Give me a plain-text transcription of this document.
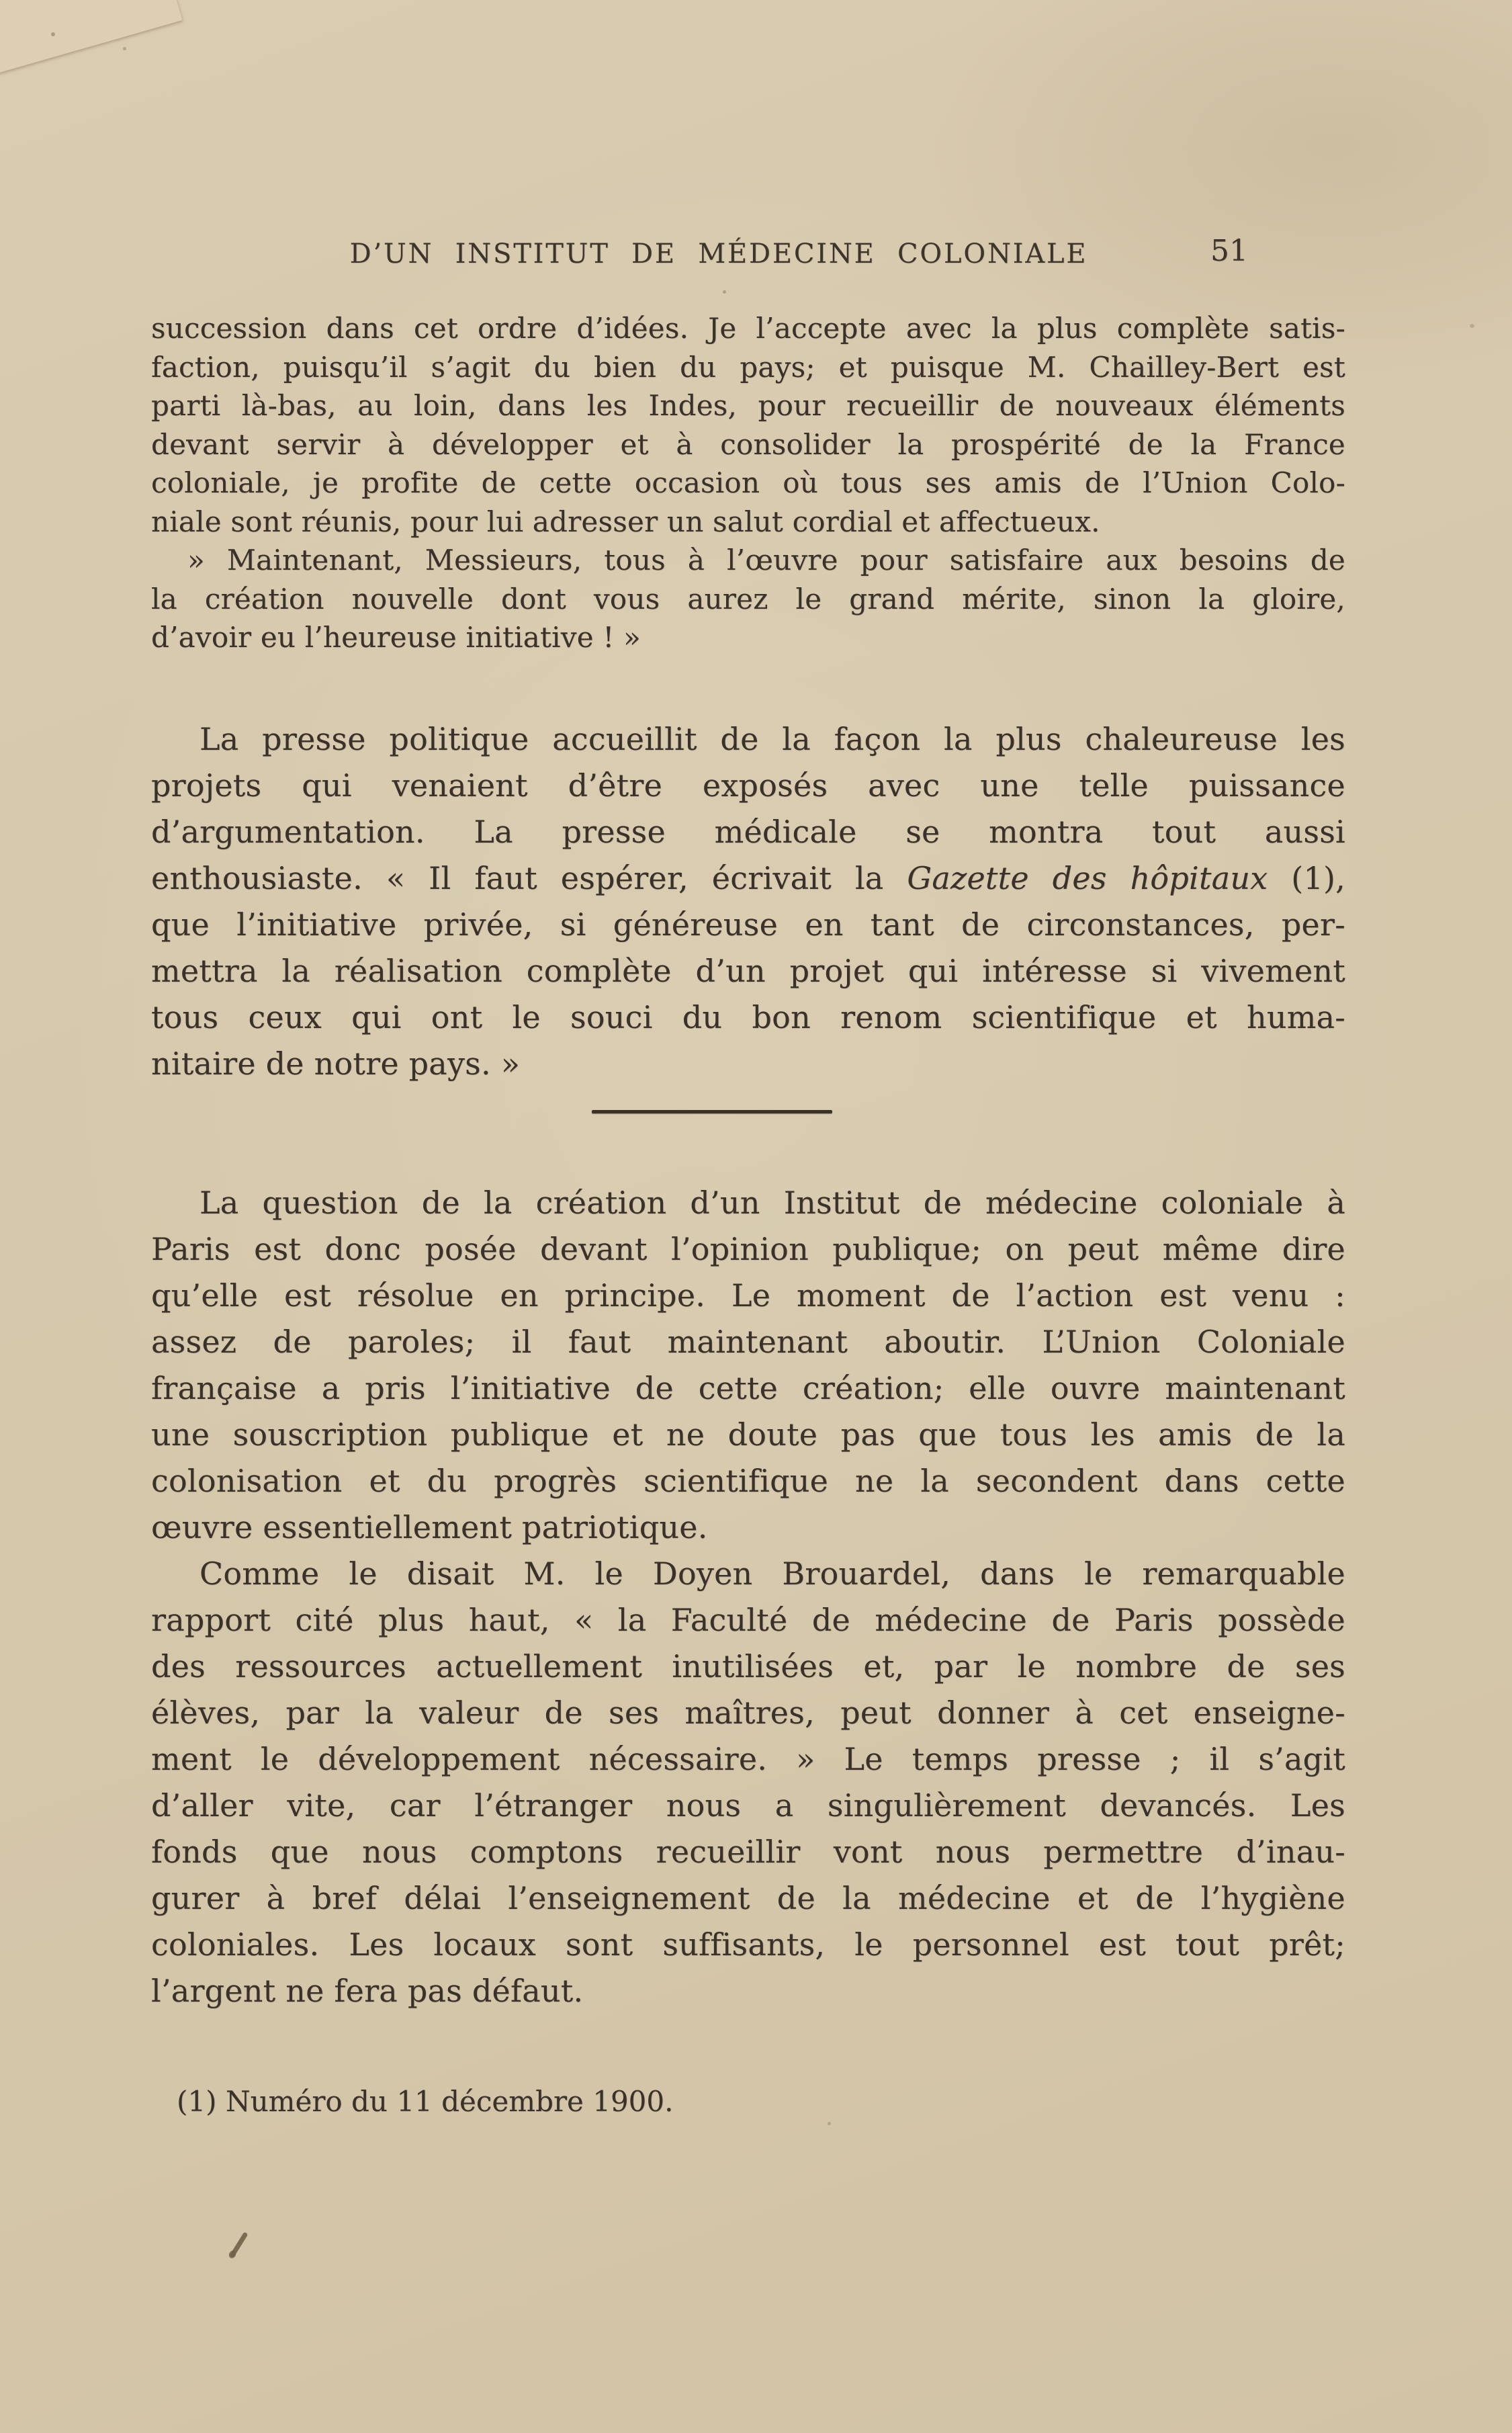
D’UN INSTITUT DE MÉDECINE COLONIALE	51
succession dans cet ordre d’idées. Je l’accepte avec la plus complète satis-
faction, puisqu’il s’agit du bien du pays; et puisque M. Chailley-Bert est
parti là-bas, au loin, dans les Indes, pour recueillir de nouveaux éléments
devant servir à développer et à consolider la prospérité de la France
coloniale, je profite de cette occasion où tous ses amis de l’Union Colo-
niale sont réunis, pour lui adresser un salut cordial et affectueux.
» Maintenant, Messieurs, tous à l’œuvre pour satisfaire aux besoins de
la création nouvelle dont vous aurez le grand mérite, sinon la gloire,
d’avoir eu l’heureuse initiative ! »
La presse politique accueillit de la façon la plus chaleureuse les
projets qui venaient d’être exposés avec une telle puissance
d’argumentation. La presse médicale se montra tout aussi
enthousiaste. « Il faut espérer, écrivait la Gazette des hôpitaux (1),
que l’initiative privée, si généreuse en tant de circonstances, per-
mettra la réalisation complète d’un projet qui intéresse si vivement
tous ceux qui ont le souci du bon renom scientifique et huma-
nitaire de notre pays. »
La question de la création d’un Institut de médecine coloniale à
Paris est donc posée devant l’opinion publique; on peut même dire
qu’elle est résolue en principe. Le moment de l’action est venu :
assez de paroles; il faut maintenant aboutir. L’Union Coloniale
française a pris l’initiative de cette création; elle ouvre maintenant
une souscription publique et ne doute pas que tous les amis de la
colonisation et du progrès scientifique ne la secondent dans cette
œuvre essentiellement patriotique.
Comme le disait M. le Doyen Brouardel, dans le remarquable
rapport cité plus haut, « la Faculté de médecine de Paris possède
des ressources actuellement inutilisées et, par le nombre de ses
élèves, par la valeur de ses maîtres, peut donner à cet enseigne-
ment le développement nécessaire. » Le temps presse ; il s’agit
d’aller vite, car l’étranger nous a singulièrement devancés. Les
fonds que nous comptons recueillir vont nous permettre d’inau-
gurer à bref délai l’enseignement de la médecine et de l’hygiène
coloniales. Les locaux sont suffisants, le personnel est tout prêt;
l’argent ne fera pas défaut.
(1) Numéro du 11 décembre 1900.
